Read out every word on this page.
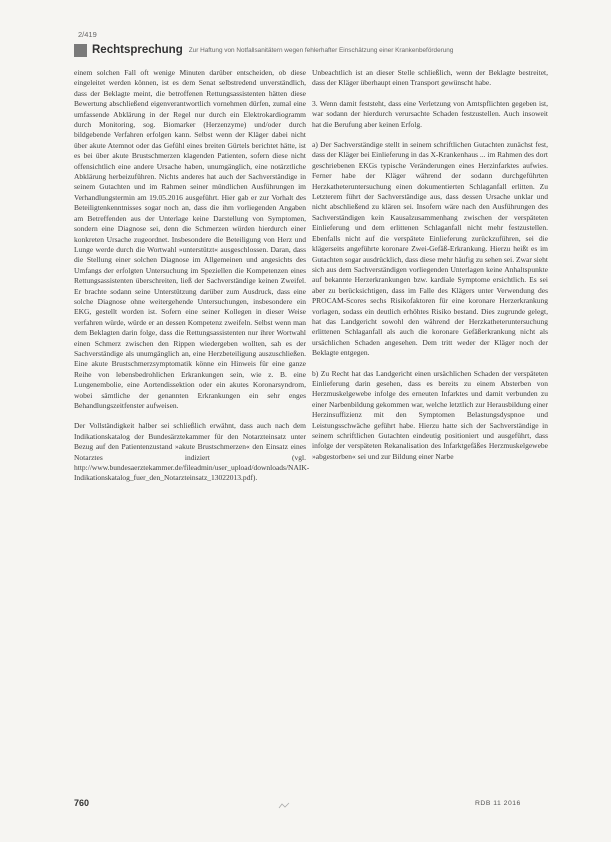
2/419
Rechtsprechung Zur Haftung von Notfallsanitätern wegen fehlerhafter Einschätzung einer Krankenbeförderung

einem solchen Fall oft wenige Minuten darüber entscheiden, ob diese eingeleitet werden können, ist es dem Senat selbstredend unverständlich, dass der Beklagte meint, die betroffenen Rettungsassistenten hätten diese Bewertung abschließend eigenverantwortlich vornehmen dürfen, zumal eine umfassende Abklärung in der Regel nur durch ein Elektrokardiogramm durch Monitoring, sog. Biomarker (Herzenzyme) und/oder durch bildgebende Verfahren erfolgen kann. Selbst wenn der Kläger dabei nicht über akute Atemnot oder das Gefühl eines breiten Gürtels berichtet hätte, ist es bei über akute Brustschmerzen klagenden Patienten, sofern diese nicht offensichtlich eine andere Ursache haben, unumgänglich, eine notärztliche Abklärung herbeizuführen. Nichts anderes hat auch der Sachverständige in seinem Gutachten und im Rahmen seiner mündlichen Ausführungen im Verhandlungstermin am 19.05.2016 ausgeführt. Hier gab er zur Vorhalt des Beteiligtenkenntnisses sogar noch an, dass die ihm vorliegenden Angaben am Betreffenden aus der Unterlage keine Darstellung von Symptomen, sondern eine Diagnose sei, denn die Schmerzen würden hierdurch einer konkreten Ursache zugeordnet. Insbesondere die Beteiligung von Herz und Lunge werde durch die Wortwahl »unterstützt« ausgeschlossen. Daran, dass die Stellung einer solchen Diagnose im Allgemeinen und angesichts des Umfangs der erfolgten Untersuchung im Speziellen die Kompetenzen eines Rettungsassistenten überschreiten, ließ der Sachverständige keinen Zweifel. Er brachte sodann seine Unterstützung darüber zum Ausdruck, dass eine solche Diagnose ohne weitergehende Untersuchungen, insbesondere ein EKG, gestellt worden ist. Sofern eine seiner Kollegen in dieser Weise verfahren würde, würde er an dessen Kompetenz zweifeln. Selbst wenn man dem Beklagten darin folge, dass die Rettungsassistenten nur ihrer Wortwahl einen Schmerz zwischen den Rippen wiedergeben wollten, sah es der Sachverständige als unumgänglich an, eine Herzbeteiligung auszuschließen. Eine akute Brustschmerzsymptomatik könne ein Hinweis für eine ganze Reihe von lebensbedrohlichen Erkrankungen sein, wie z. B. eine Lungenembolie, eine Aortendissektion oder ein akutes Koronarsyndrom, wobei sämtliche der genannten Erkrankungen ein sehr enges Behandlungszeitfenster aufweisen.

Der Vollständigkeit halber sei schließlich erwähnt, dass auch nach dem Indikationskatalog der Bundesärztekammer für den Notarzteinsatz unter Bezug auf den Patientenzustand »akute Brustschmerzen« den Einsatz eines Notarztes indiziert (vgl. http://www.bundesaerztekammer.de/fileadmin/user_upload/downloads/NAIK-Indikationskatalog_fuer_den_Notarzteinsatz_13022013.pdf).

Unbeachtlich ist an dieser Stelle schließlich, wenn der Beklagte bestreitet, dass der Kläger überhaupt einen Transport gewünscht habe.

3. Wenn damit feststeht, dass eine Verletzung von Amtspflichten gegeben ist, war sodann der hierdurch verursachte Schaden festzustellen. Auch insoweit hat die Berufung aber keinen Erfolg.

a) Der Sachverständige stellt in seinem schriftlichen Gutachten zunächst fest, dass der Kläger bei Einlieferung in das X-Krankenhaus ... im Rahmen des dort geschriebenen EKGs typische Veränderungen eines Herzinfarktes aufwies. Ferner habe der Kläger während der sodann durchgeführten Herzkatheteruntersuchung einen dokumentierten Schlaganfall erlitten. Zu Letzterem führt der Sachverständige aus, dass dessen Ursache unklar und nicht abschließend zu klären sei. Insofern wäre nach den Ausführungen des Sachverständigen kein Kausalzusammenhang zwischen der verspäteten Einlieferung und dem erlittenen Schlaganfall nicht mehr festzustellen. Ebenfalls nicht auf die verspätete Einlieferung zurückzuführen, sei die klägerseits angeführte koronare Zwei-Gefäß-Erkrankung. Hierzu heißt es im Gutachten sogar ausdrücklich, dass diese mehr häufig zu sehen sei. Zwar sieht sich aus dem Sachverständigen vorliegenden Unterlagen keine Anhaltspunkte auf bekannte Herzerkrankungen bzw. kardiale Symptome ersichtlich. Es sei aber zu berücksichtigen, dass im Falle des Klägers unter Verwendung des PROCAM-Scores sechs Risikofaktoren für eine koronare Herzerkrankung vorlagen, sodass ein deutlich erhöhtes Risiko bestand. Dies zugrunde gelegt, hat das Landgericht sowohl den während der Herzkatheteruntersuchung erlittenen Schlaganfall als auch die koronare Gefäßerkrankung nicht als ursächlichen Schaden angesehen. Dem tritt weder der Kläger noch der Beklagte entgegen.

b) Zu Recht hat das Landgericht einen ursächlichen Schaden der verspäteten Einlieferung darin gesehen, dass es bereits zu einem Absterben von Herzmuskelgewebe infolge des erneuten Infarktes und damit verbunden zu einer Narbenbildung gekommen war, welche letztlich zur Herausbildung einer Herzinsuffizienz mit den Symptomen Belastungsdyspnoe und Leistungsschwäche geführt habe. Hierzu hatte sich der Sachverständige in seinem schriftlichen Gutachten eindeutig positioniert und ausgeführt, dass infolge der verspäteten Rekanalisation des Infarktgefäßes Herzmuskelgewebe »abgestorben« sei und zur Bildung einer Narbe

760	RDB 11 2016
